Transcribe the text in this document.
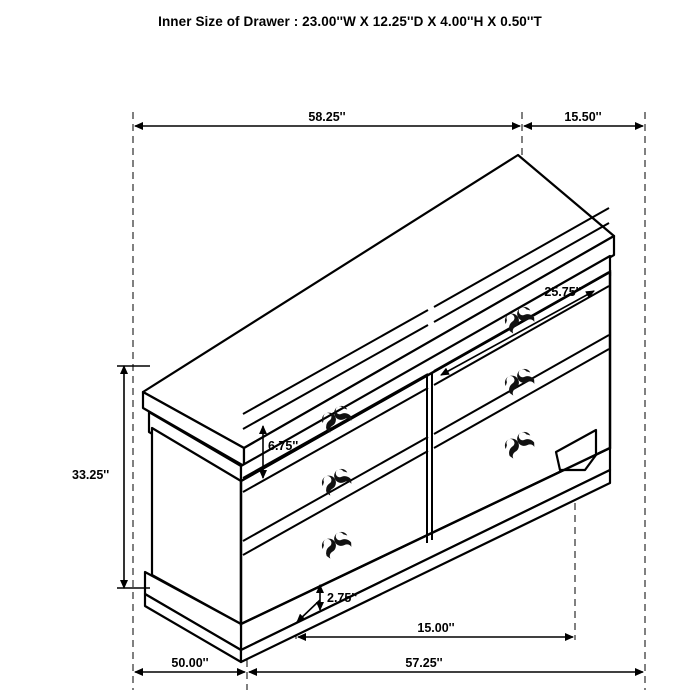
Inner Size of Drawer : 23.00''W X 12.25''D X 4.00''H X 0.50''T
58.25''	15.50''
25.75''
6.75''
33.25''
2.75''
15.00''
50.00''	57.25''
